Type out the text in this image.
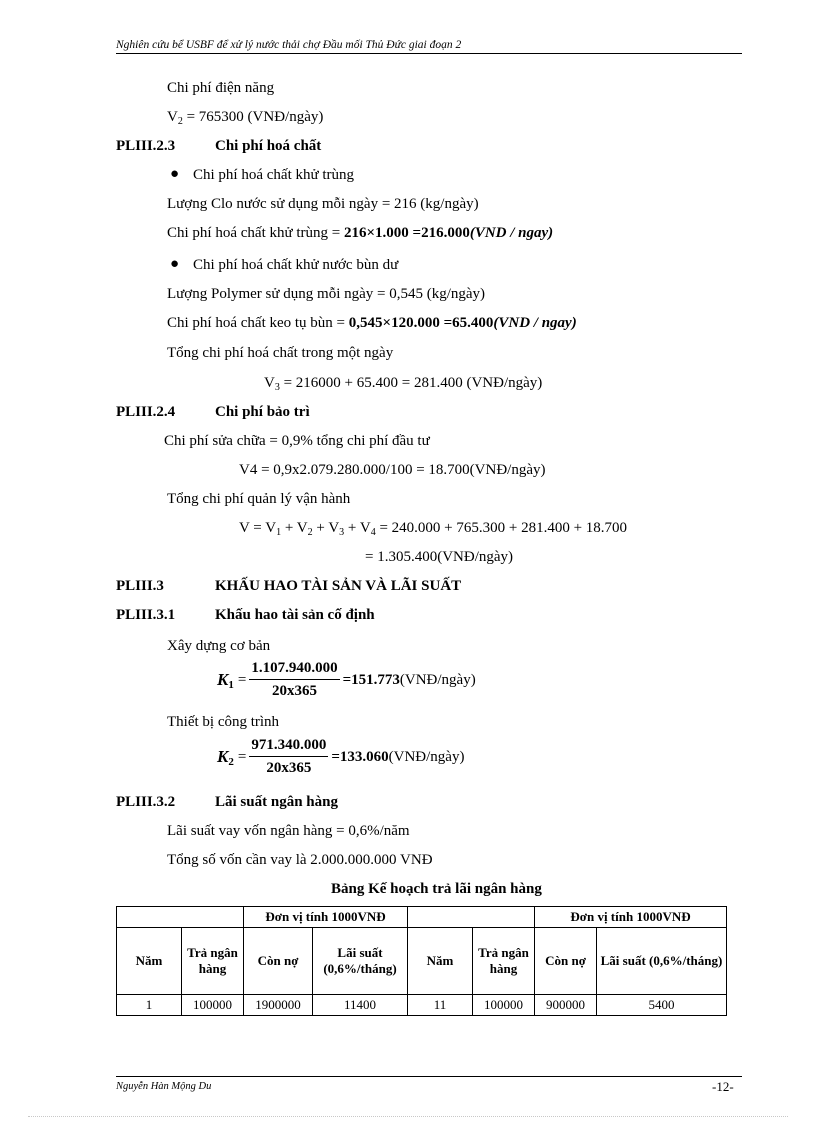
Nghiên cứu bể USBF để xử lý nước thải chợ Đầu mối Thủ Đức giai đoạn 2
Chi phí điện năng
$V_2 = 765300$ (VNĐ/ngày)
PLIII.2.3	Chi phí hoá chất
● Chi phí hoá chất khử trùng
Lượng Clo nước sử dụng mỗi ngày = 216 (kg/ngày)
Chi phí hoá chất khử trùng = 216×1.000 =216.000(VND / ngay)
● Chi phí hoá chất khử nước bùn dư
Lượng Polymer sử dụng mỗi ngày = 0,545 (kg/ngày)
Chi phí hoá chất keo tụ bùn = 0,545×120.000 =65.400(VND / ngay)
Tổng chi phí hoá chất trong một ngày
$V_3 = 216000 + 65.400 = 281.400$ (VNĐ/ngày)
PLIII.2.4	Chi phí bảo trì
Chi phí sửa chữa = 0,9% tổng chi phí đầu tư
V4 = 0,9x2.079.280.000/100 = 18.700(VNĐ/ngày)
Tổng chi phí quản lý vận hành
$V = V_1 + V_2 + V_3 + V_4 = 240.000 + 765.300 + 281.400 + 18.700$
= 1.305.400(VNĐ/ngày)
PLIII.3	KHẤU HAO TÀI SẢN VÀ LÃI SUẤT
PLIII.3.1	Khấu hao tài sản cố định
Xây dựng cơ bản
$K_1 = \frac{1.107.940.000}{20x365} =151.773$ (VNĐ/ngày)
Thiết bị công trình
$K_2 = \frac{971.340.000}{20x365} =133.060$ (VNĐ/ngày)
PLIII.3.2	Lãi suất ngân hàng
Lãi suất vay vốn ngân hàng = 0,6%/năm
Tổng số vốn cần vay là 2.000.000.000 VNĐ
Bảng Kế hoạch trả lãi ngân hàng
		Đơn vị tính 1000VNĐ				Đơn vị tính 1000VNĐ	
Năm	Trả ngân hàng	Còn nợ	Lãi suất (0,6%/tháng)	Năm	Trả ngân hàng	Còn nợ	Lãi suất (0,6%/tháng)
1	100000	1900000	11400	11	100000	900000	5400
Nguyễn Hàn Mộng Du	-12-
